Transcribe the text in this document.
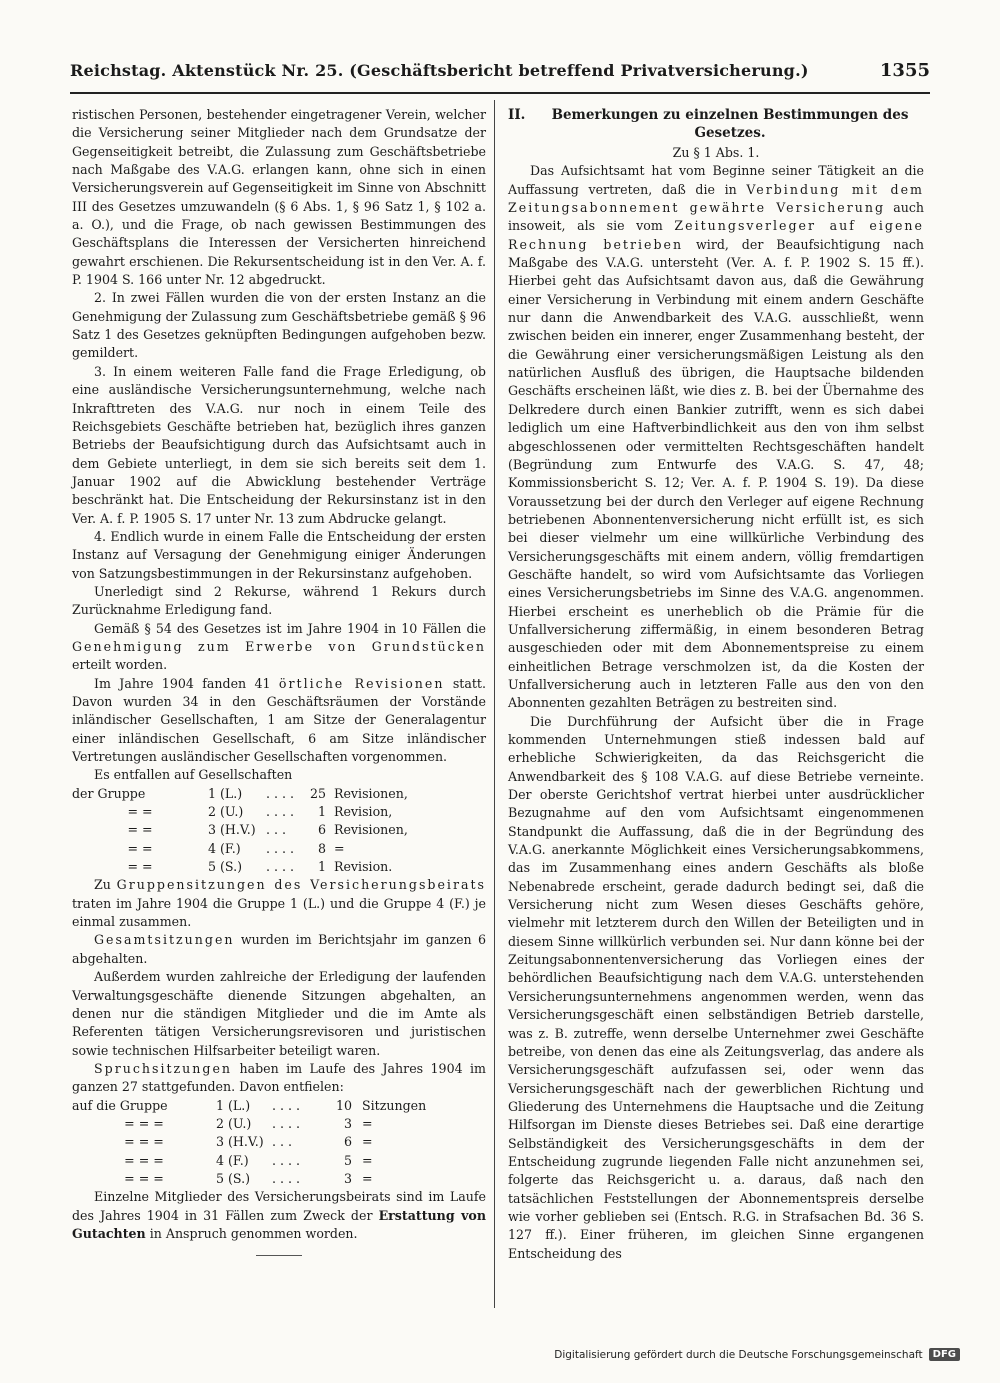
Reichstag. Aktenstück Nr. 25. (Geschäftsbericht betreffend Privatversicherung.)	1355

ristischen Personen, bestehender eingetragener Verein, welcher die Versicherung seiner Mitglieder nach dem Grundsatze der Gegenseitigkeit betreibt, die Zulassung zum Geschäftsbetriebe nach Maßgabe des V.A.G. erlangen kann, ohne sich in einen Versicherungsverein auf Gegenseitigkeit im Sinne von Abschnitt III des Gesetzes umzuwandeln (§ 6 Abs. 1, § 96 Satz 1, § 102 a. a. O.), und die Frage, ob nach gewissen Bestimmungen des Geschäftsplans die Interessen der Versicherten hinreichend gewahrt erschienen. Die Rekursentscheidung ist in den Ver. A. f. P. 1904 S. 166 unter Nr. 12 abgedruckt.

2. In zwei Fällen wurden die von der ersten Instanz an die Genehmigung der Zulassung zum Geschäftsbetriebe gemäß § 96 Satz 1 des Gesetzes geknüpften Bedingungen aufgehoben bezw. gemildert.

3. In einem weiteren Falle fand die Frage Erledigung, ob eine ausländische Versicherungsunternehmung, welche nach Inkrafttreten des V.A.G. nur noch in einem Teile des Reichsgebiets Geschäfte betrieben hat, bezüglich ihres ganzen Betriebs der Beaufsichtigung durch das Aufsichtsamt auch in dem Gebiete unterliegt, in dem sie sich bereits seit dem 1. Januar 1902 auf die Abwicklung bestehender Verträge beschränkt hat. Die Entscheidung der Rekursinstanz ist in den Ver. A. f. P. 1905 S. 17 unter Nr. 13 zum Abdrucke gelangt.

4. Endlich wurde in einem Falle die Entscheidung der ersten Instanz auf Versagung der Genehmigung einiger Änderungen von Satzungsbestimmungen in der Rekursinstanz aufgehoben.

Unerledigt sind 2 Rekurse, während 1 Rekurs durch Zurücknahme Erledigung fand.

Gemäß § 54 des Gesetzes ist im Jahre 1904 in 10 Fällen die Genehmigung zum Erwerbe von Grundstücken erteilt worden.

Im Jahre 1904 fanden 41 örtliche Revisionen statt. Davon wurden 34 in den Geschäftsräumen der Vorstände inländischer Gesellschaften, 1 am Sitze der Generalagentur einer inländischen Gesellschaft, 6 am Sitze inländischer Vertretungen ausländischer Gesellschaften vorgenommen.

Es entfallen auf Gesellschaften

der Gruppe	1 (L.)	.... 25 Revisionen,
= =	2 (U.)	....	1 Revision,
= =	3 (H.V.) ...	6 Revisionen,
= =	4 (F.)	....	8 =
= =	5 (S.)	....	1 Revision.

Zu Gruppensitzungen des Versicherungsbeirats traten im Jahre 1904 die Gruppe 1 (L.) und die Gruppe 4 (F.) je einmal zusammen.

Gesamtsitzungen wurden im Berichtsjahr im ganzen 6 abgehalten.

Außerdem wurden zahlreiche der Erledigung der laufenden Verwaltungsgeschäfte dienende Sitzungen abgehalten, an denen nur die ständigen Mitglieder und die im Amte als Referenten tätigen Versicherungsrevisoren und juristischen sowie technischen Hilfsarbeiter beteiligt waren.

Spruchsitzungen haben im Laufe des Jahres 1904 im ganzen 27 stattgefunden. Davon entfielen:

auf die Gruppe	1 (L.)	....	10 Sitzungen
= = =	2 (U.)	....	3 =
= = =	3 (H.V.) ...	6 =
= = =	4 (F.)	....	5 =
= = =	5 (S.)	....	3 =

Einzelne Mitglieder des Versicherungsbeirats sind im Laufe des Jahres 1904 in 31 Fällen zum Zweck der Erstattung von Gutachten in Anspruch genommen worden.

II.	Bemerkungen zu einzelnen Bestimmungen des Gesetzes.
Zu § 1 Abs. 1.

Das Aufsichtsamt hat vom Beginne seiner Tätigkeit an die Auffassung vertreten, daß die in Verbindung mit dem Zeitungsabonnement gewährte Versicherung auch insoweit, als sie vom Zeitungsverleger auf eigene Rechnung betrieben wird, der Beaufsichtigung nach Maßgabe des V.A.G. untersteht (Ver. A. f. P. 1902 S. 15 ff.). Hierbei geht das Aufsichtsamt davon aus, daß die Gewährung einer Versicherung in Verbindung mit einem andern Geschäfte nur dann die Anwendbarkeit des V.A.G. ausschließt, wenn zwischen beiden ein innerer, enger Zusammenhang besteht, der die Gewährung einer versicherungsmäßigen Leistung als den natürlichen Ausfluß des übrigen, die Hauptsache bildenden Geschäfts erscheinen läßt, wie dies z. B. bei der Übernahme des Delkredere durch einen Bankier zutrifft, wenn es sich dabei lediglich um eine Haftverbindlichkeit aus den von ihm selbst abgeschlossenen oder vermittelten Rechtsgeschäften handelt (Begründung zum Entwurfe des V.A.G. S. 47, 48; Kommissionsbericht S. 12; Ver. A. f. P. 1904 S. 19). Da diese Voraussetzung bei der durch den Verleger auf eigene Rechnung betriebenen Abonnentenversicherung nicht erfüllt ist, es sich bei dieser vielmehr um eine willkürliche Verbindung des Versicherungsgeschäfts mit einem andern, völlig fremdartigen Geschäfte handelt, so wird vom Aufsichtsamte das Vorliegen eines Versicherungsbetriebs im Sinne des V.A.G. angenommen. Hierbei erscheint es unerheblich ob die Prämie für die Unfallversicherung ziffermäßig, in einem besonderen Betrag ausgeschieden oder mit dem Abonnementspreise zu einem einheitlichen Betrage verschmolzen ist, da die Kosten der Unfallversicherung auch in letzteren Falle aus den von den Abonnenten gezahlten Beträgen zu bestreiten sind.

Die Durchführung der Aufsicht über die in Frage kommenden Unternehmungen stieß indessen bald auf erhebliche Schwierigkeiten, da das Reichsgericht die Anwendbarkeit des § 108 V.A.G. auf diese Betriebe verneinte. Der oberste Gerichtshof vertrat hierbei unter ausdrücklicher Bezugnahme auf den vom Aufsichtsamt eingenommenen Standpunkt die Auffassung, daß die in der Begründung des V.A.G. anerkannte Möglichkeit eines Versicherungsabkommens, das im Zusammenhang eines andern Geschäfts als bloße Nebenabrede erscheint, gerade dadurch bedingt sei, daß die Versicherung nicht zum Wesen dieses Geschäfts gehöre, vielmehr mit letzterem durch den Willen der Beteiligten und in diesem Sinne willkürlich verbunden sei. Nur dann könne bei der Zeitungsabonnentenversicherung das Vorliegen eines der behördlichen Beaufsichtigung nach dem V.A.G. unterstehenden Versicherungsunternehmens angenommen werden, wenn das Versicherungsgeschäft einen selbständigen Betrieb darstelle, was z. B. zutreffe, wenn derselbe Unternehmer zwei Geschäfte betreibe, von denen das eine als Zeitungsverlag, das andere als Versicherungsgeschäft aufzufassen sei, oder wenn das Versicherungsgeschäft nach der gewerblichen Richtung und Gliederung des Unternehmens die Hauptsache und die Zeitung Hilfsorgan im Dienste dieses Betriebes sei. Daß eine derartige Selbständigkeit des Versicherungsgeschäfts in dem der Entscheidung zugrunde liegenden Falle nicht anzunehmen sei, folgerte das Reichsgericht u. a. daraus, daß nach den tatsächlichen Feststellungen der Abonnementspreis derselbe wie vorher geblieben sei (Entsch. R.G. in Strafsachen Bd. 36 S. 127 ff.). Einer früheren, im gleichen Sinne ergangenen Entscheidung des

Digitalisierung gefördert durch die Deutsche Forschungsgemeinschaft	DFG
